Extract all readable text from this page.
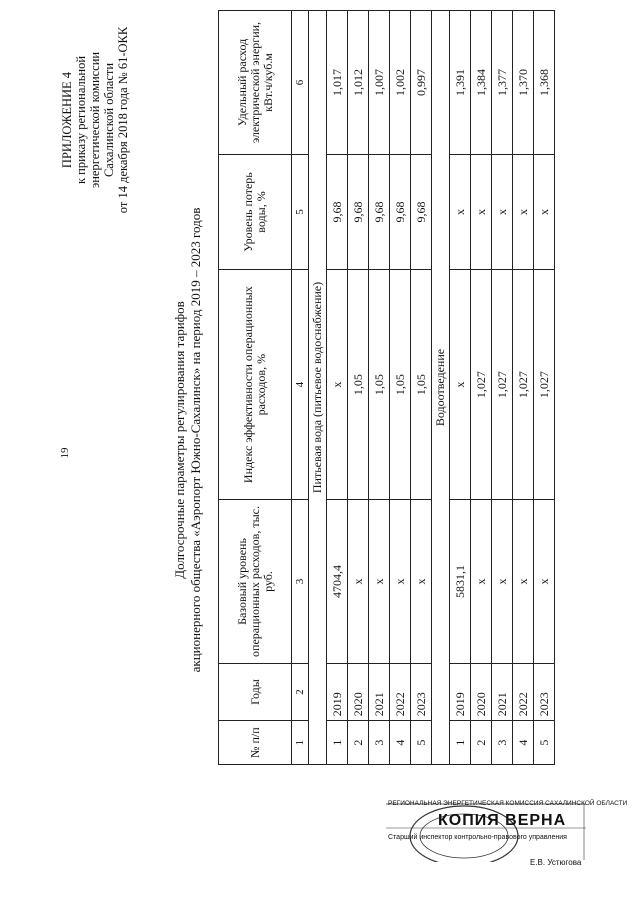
19
ПРИЛОЖЕНИЕ 4 к приказу региональной энергетической комиссии Сахалинской области от 14 декабря 2018 года № 61-ОКК
Долгосрочные параметры регулирования тарифов акционерного общества «Аэропорт Южно-Сахалинск» на период 2019 – 2023 годов
№ п/п	Годы	Базовый уровень операционных расходов, тыс. руб.	Индекс эффективности операционных расходов, %	Уровень потерь воды, %	Удельный расход электрической энергии, кВт.ч/куб.м
1	2	3	4	5	6
Питьевая вода (питьевое водоснабжение)					
1	2019	4704,4	x	9,68	1,017
2	2020	x	1,05	9,68	1,012
3	2021	x	1,05	9,68	1,007
4	2022	x	1,05	9,68	1,002
5	2023	x	1,05	9,68	0,997
Водоотведение					
1	2019	5831,1	x	x	1,391
2	2020	x	1,027	x	1,384
3	2021	x	1,027	x	1,377
4	2022	x	1,027	x	1,370
5	2023	x	1,027	x	1,368
РЕГИОНАЛЬНАЯ ЭНЕРГЕТИЧЕСКАЯ КОМИССИЯ САХАЛИНСКОЙ ОБЛАСТИ
КОПИЯ ВЕРНА
Старший инспектор контрольно-правового управления
Е.В. Устюгова
